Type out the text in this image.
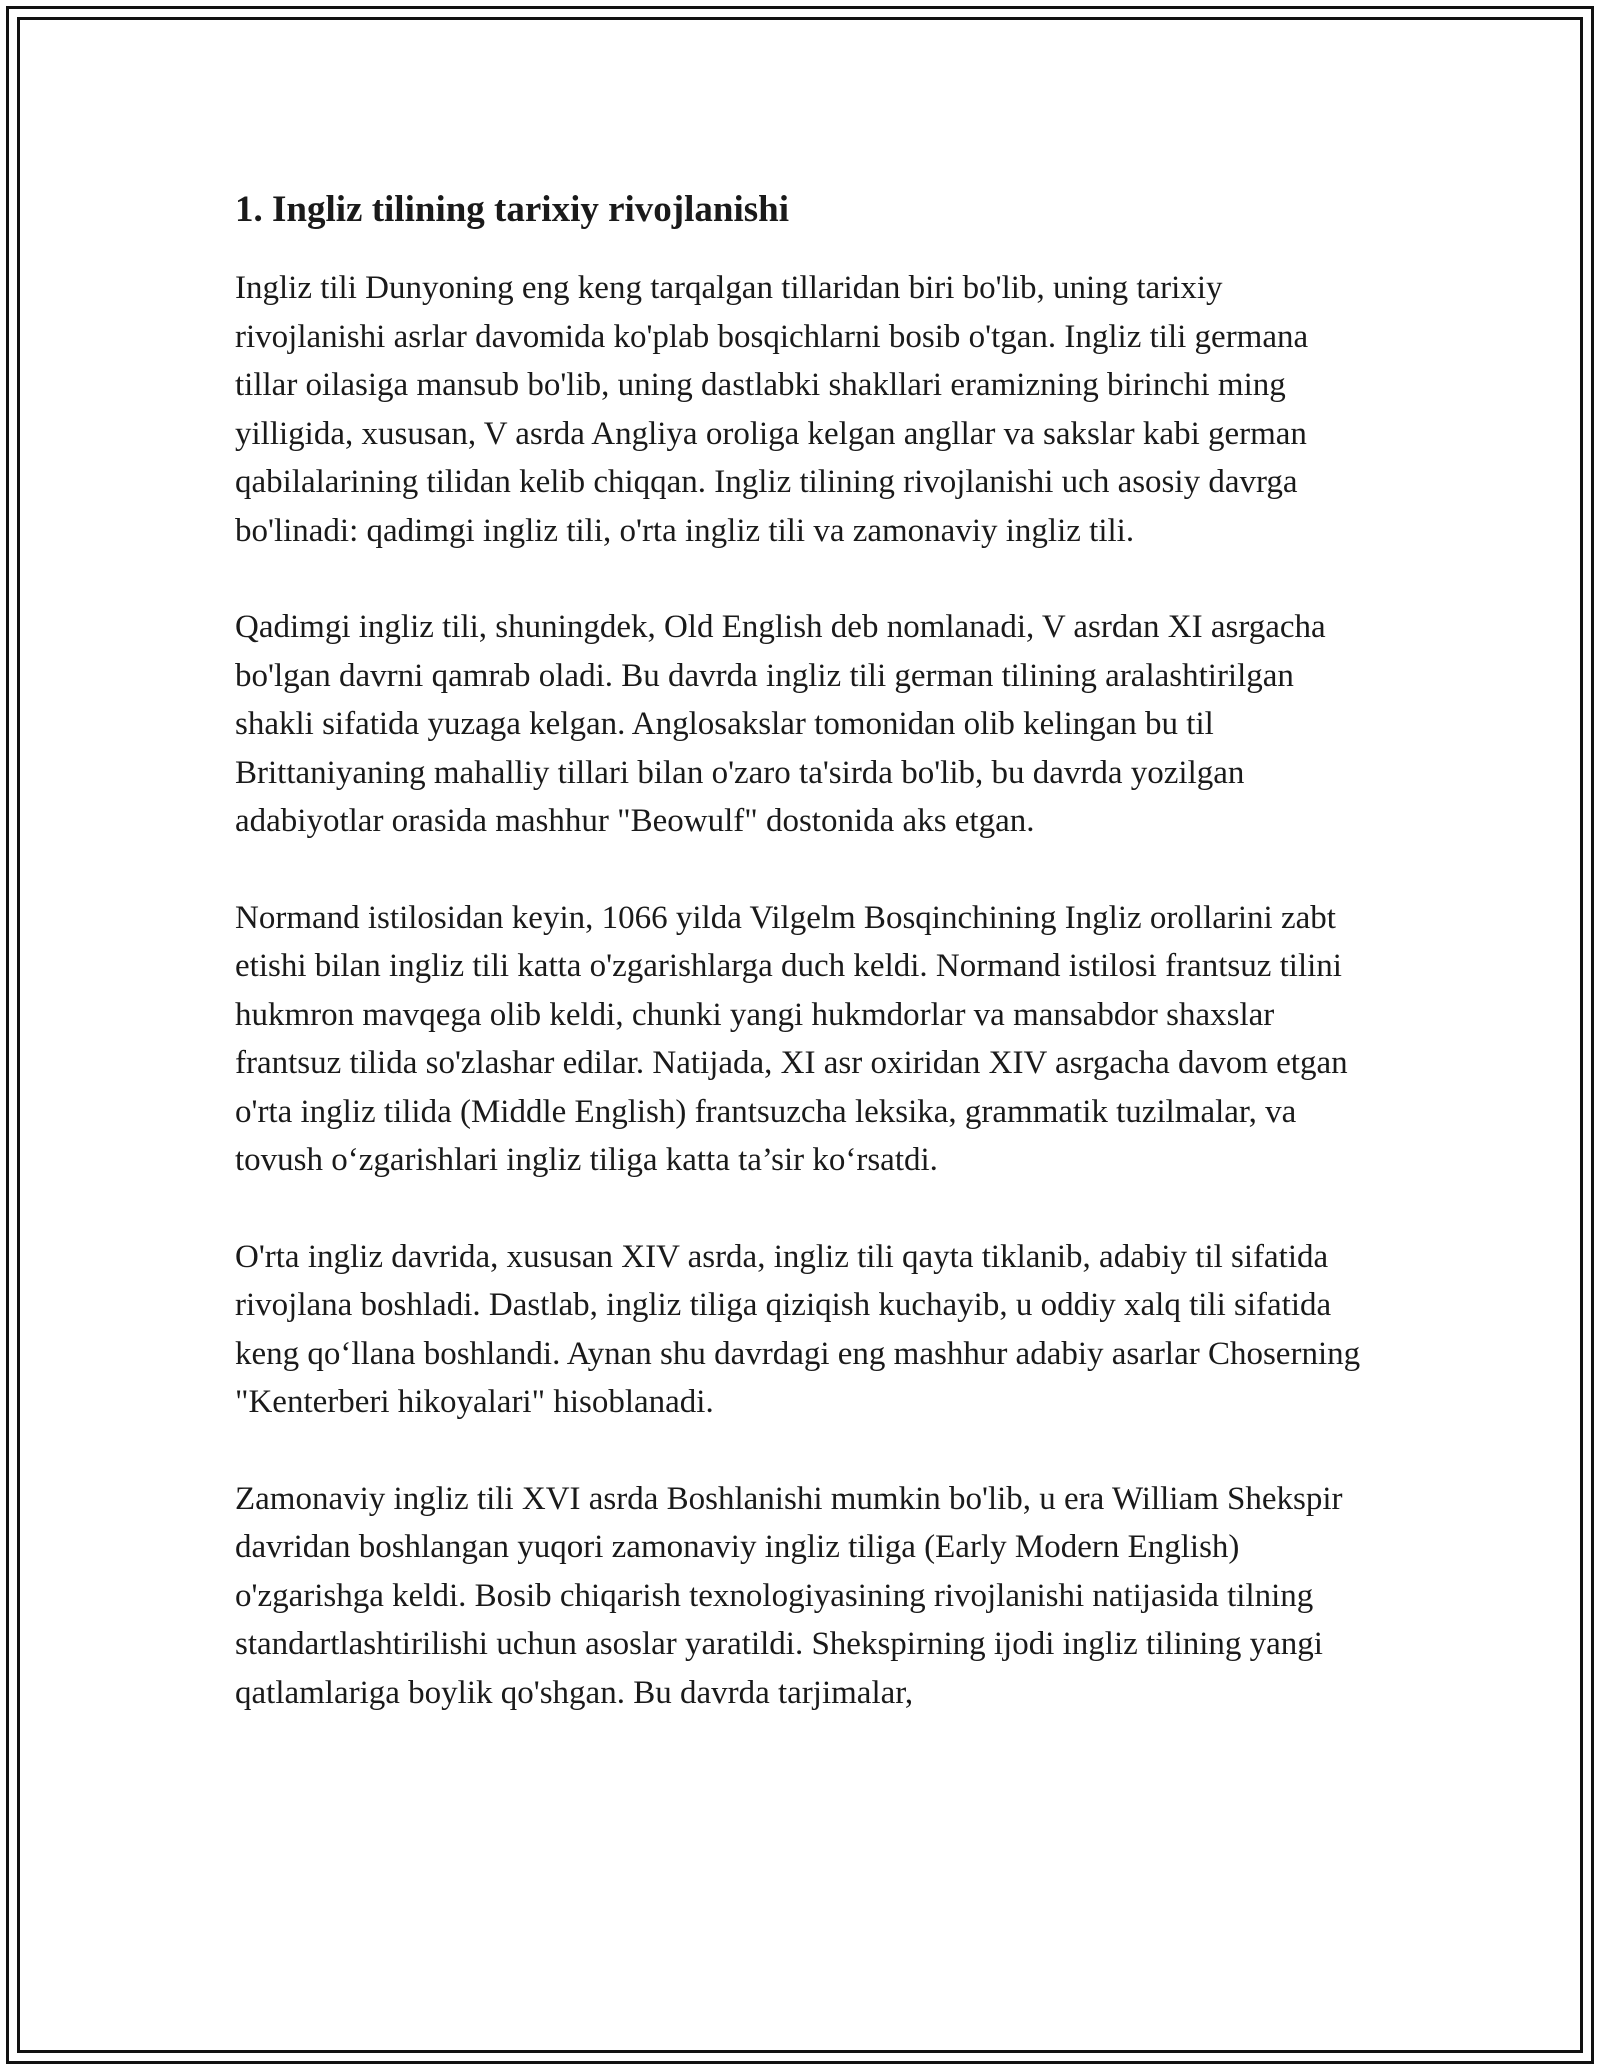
1. Ingliz tilining tarixiy rivojlanishi

Ingliz tili Dunyoning eng keng tarqalgan tillaridan biri bo'lib, uning tarixiy rivojlanishi asrlar davomida ko'plab bosqichlarni bosib o'tgan. Ingliz tili germana tillar oilasiga mansub bo'lib, uning dastlabki shakllari eramizning birinchi ming yilligida, xususan, V asrda Angliya oroliga kelgan angllar va sakslar kabi german qabilalarining tilidan kelib chiqqan. Ingliz tilining rivojlanishi uch asosiy davrga bo'linadi: qadimgi ingliz tili, o'rta ingliz tili va zamonaviy ingliz tili.

Qadimgi ingliz tili, shuningdek, Old English deb nomlanadi, V asrdan XI asrgacha bo'lgan davrni qamrab oladi. Bu davrda ingliz tili german tilining aralashtirilgan shakli sifatida yuzaga kelgan. Anglosakslar tomonidan olib kelingan bu til Brittaniyaning mahalliy tillari bilan o'zaro ta'sirda bo'lib, bu davrda yozilgan adabiyotlar orasida mashhur "Beowulf" dostonida aks etgan.

Normand istilosidan keyin, 1066 yilda Vilgelm Bosqinchining Ingliz orollarini zabt etishi bilan ingliz tili katta o'zgarishlarga duch keldi. Normand istilosi frantsuz tilini hukmron mavqega olib keldi, chunki yangi hukmdorlar va mansabdor shaxslar frantsuz tilida so'zlashar edilar. Natijada, XI asr oxiridan XIV asrgacha davom etgan o'rta ingliz tilida (Middle English) frantsuzcha leksika, grammatik tuzilmalar, va tovush o‘zgarishlari ingliz tiliga katta ta’sir ko‘rsatdi.

O'rta ingliz davrida, xususan XIV asrda, ingliz tili qayta tiklanib, adabiy til sifatida rivojlana boshladi. Dastlab, ingliz tiliga qiziqish kuchayib, u oddiy xalq tili sifatida keng qo‘llana boshlandi. Aynan shu davrdagi eng mashhur adabiy asarlar Choserning "Kenterberi hikoyalari" hisoblanadi.

Zamonaviy ingliz tili XVI asrda Boshlanishi mumkin bo'lib, u era William Shekspir davridan boshlangan yuqori zamonaviy ingliz tiliga (Early Modern English) o'zgarishga keldi. Bosib chiqarish texnologiyasining rivojlanishi natijasida tilning standartlashtirilishi uchun asoslar yaratildi. Shekspirning ijodi ingliz tilining yangi qatlamlariga boylik qo'shgan. Bu davrda tarjimalar,
